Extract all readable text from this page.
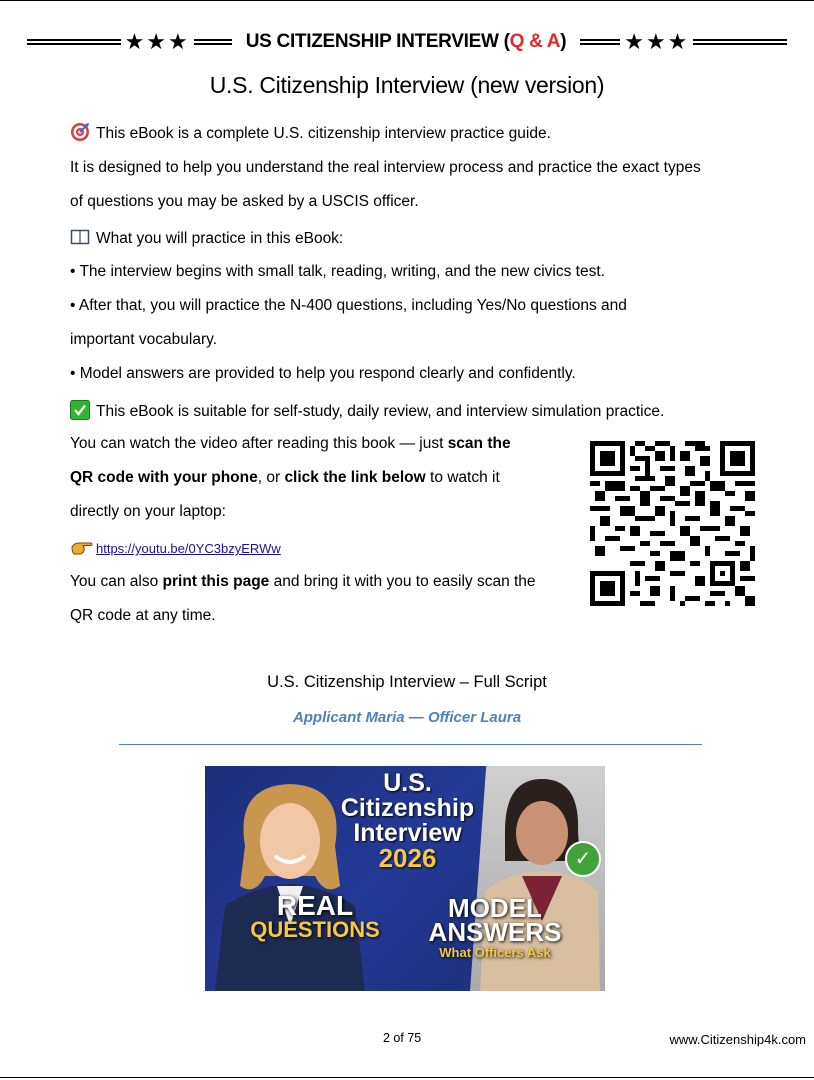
★★★	US CITIZENSHIP INTERVIEW (Q & A)	★★★
U.S. Citizenship Interview (new version)
This eBook is a complete U.S. citizenship interview practice guide.
It is designed to help you understand the real interview process and practice the exact types
of questions you may be asked by a USCIS officer.
What you will practice in this eBook:
• The interview begins with small talk, reading, writing, and the new civics test.
• After that, you will practice the N-400 questions, including Yes/No questions and
important vocabulary.
• Model answers are provided to help you respond clearly and confidently.
This eBook is suitable for self-study, daily review, and interview simulation practice.
You can watch the video after reading this book — just scan the
QR code with your phone, or click the link below to watch it
directly on your laptop:
https://youtu.be/0YC3bzyERWw
You can also print this page and bring it with you to easily scan the
QR code at any time.
U.S. Citizenship Interview – Full Script
Applicant Maria — Officer Laura
U.S.
Citizenship
Interview
2026	✓
REAL
QUESTIONS
MODEL
ANSWERS
What Officers Ask
2 of 75	www.Citizenship4k.com
